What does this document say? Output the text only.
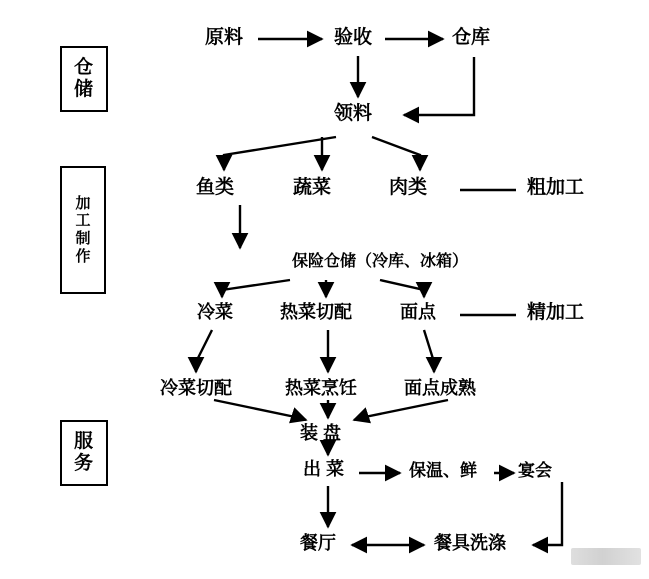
仓
储
加
工
制
作
服
务
原料	验收	仓库
领料
鱼类	蔬菜	肉类	粗加工
保险仓储（冷库、冰箱）
冷菜	热菜切配	面点	精加工
冷菜切配	热菜烹饪	面点成熟
装 盘
出 菜	保温、鲜 宴会
餐厅	餐具洗涤
